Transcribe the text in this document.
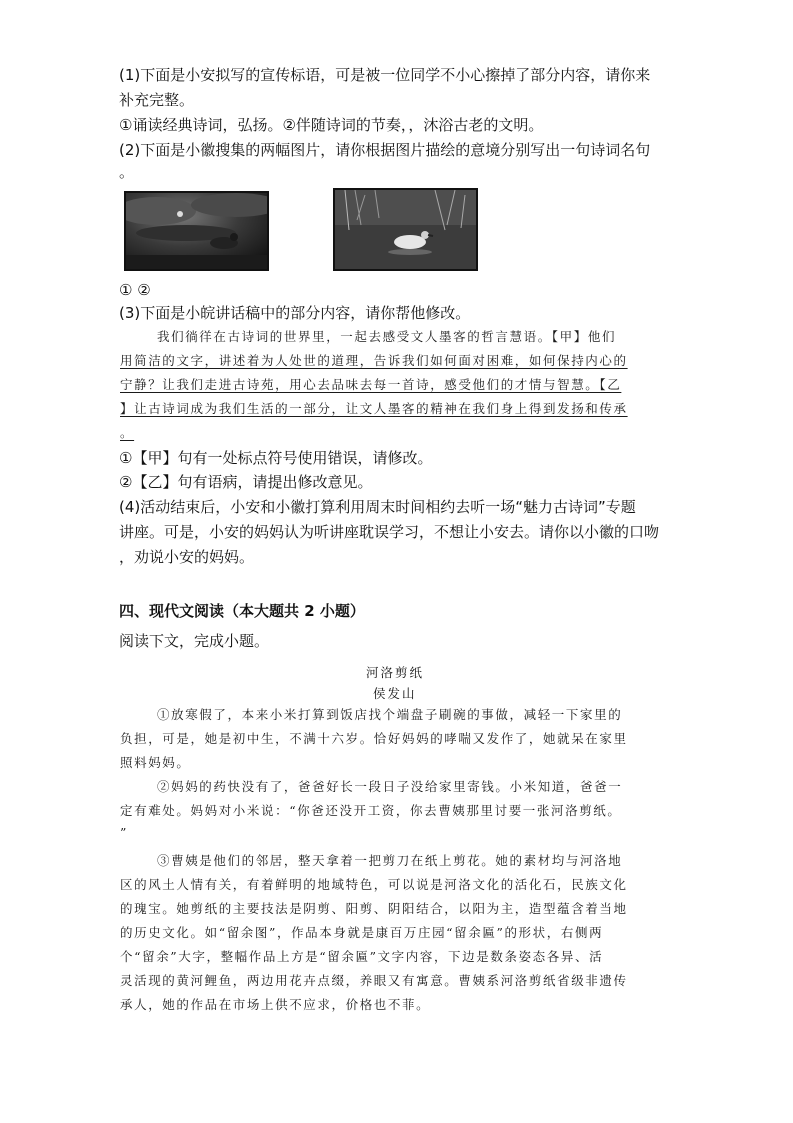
(1)下面是小安拟写的宣传标语，可是被一位同学不小心擦掉了部分内容，请你来
补充完整。
①诵读经典诗词，弘扬。②伴随诗词的节奏，，沐浴古老的文明。
(2)下面是小徽搜集的两幅图片，请你根据图片描绘的意境分别写出一句诗词名句
。
① ②
(3)下面是小皖讲话稿中的部分内容，请你帮他修改。
我们徜徉在古诗词的世界里，一起去感受文人墨客的哲言慧语。【甲】他们
用简洁的文字，讲述着为人处世的道理，告诉我们如何面对困难，如何保持内心的
宁静？让我们走进古诗苑，用心去品味去每一首诗，感受他们的才情与智慧。【乙
】让古诗词成为我们生活的一部分，让文人墨客的精神在我们身上得到发扬和传承
。
①【甲】句有一处标点符号使用错误，请修改。
②【乙】句有语病，请提出修改意见。
(4)活动结束后，小安和小徽打算利用周末时间相约去听一场“魅力古诗词”专题
讲座。可是，小安的妈妈认为听讲座耽误学习，不想让小安去。请你以小徽的口吻
，劝说小安的妈妈。
四、现代文阅读（本大题共 2 小题）
阅读下文，完成小题。
河洛剪纸
侯发山
①放寒假了，本来小米打算到饭店找个端盘子刷碗的事做，减轻一下家里的
负担，可是，她是初中生，不满十六岁。恰好妈妈的哮喘又发作了，她就呆在家里
照料妈妈。
②妈妈的药快没有了，爸爸好长一段日子没给家里寄钱。小米知道，爸爸一
定有难处。妈妈对小米说：“你爸还没开工资，你去曹姨那里讨要一张河洛剪纸。
”
③曹姨是他们的邻居，整天拿着一把剪刀在纸上剪花。她的素材均与河洛地
区的风土人情有关，有着鲜明的地域特色，可以说是河洛文化的活化石，民族文化
的瑰宝。她剪纸的主要技法是阴剪、阳剪、阴阳结合，以阳为主，造型蕴含着当地
的历史文化。如“留余图”，作品本身就是康百万庄园“留余匾”的形状，右侧两
个“留余”大字，整幅作品上方是“留余匾”文字内容，下边是数条姿态各异、活
灵活现的黄河鲤鱼，两边用花卉点缀，养眼又有寓意。曹姨系河洛剪纸省级非遗传
承人，她的作品在市场上供不应求，价格也不菲。
